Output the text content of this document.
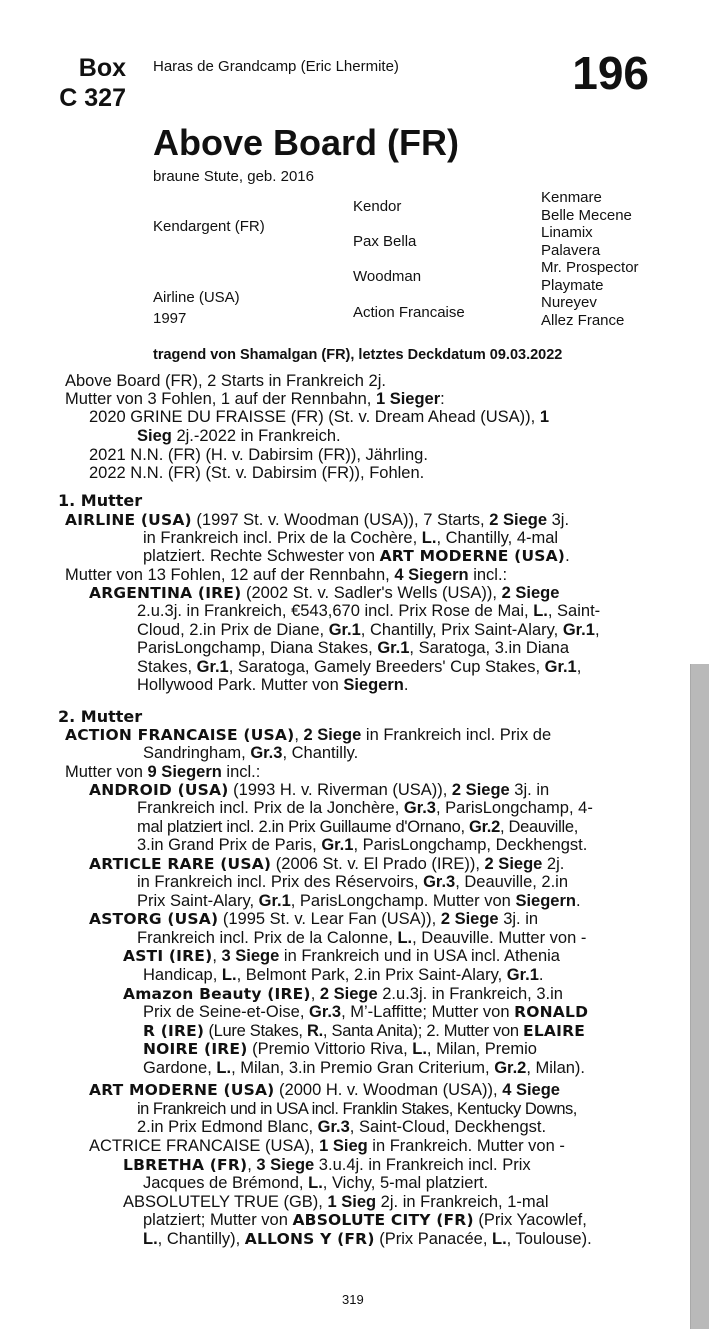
Box
C 327
Haras de Grandcamp (Eric Lhermite)	196
Above Board (FR)
braune Stute, geb. 2016
Kendargent (FR)
Airline (USA)
1997
Kendor
Pax Bella
Woodman
Action Francaise
Kenmare
Belle Mecene
Linamix
Palavera
Mr. Prospector
Playmate
Nureyev
Allez France
tragend von Shamalgan (FR), letztes Deckdatum 09.03.2022
Above Board (FR), 2 Starts in Frankreich 2j.
Mutter von 3 Fohlen, 1 auf der Rennbahn, 1 Sieger:
2020 GRINE DU FRAISSE (FR) (St. v. Dream Ahead (USA)), 1
Sieg 2j.-2022 in Frankreich.
2021 N.N. (FR) (H. v. Dabirsim (FR)), Jährling.
2022 N.N. (FR) (St. v. Dabirsim (FR)), Fohlen.
1. Mutter
AIRLINE (USA) (1997 St. v. Woodman (USA)), 7 Starts, 2 Siege 3j.
in Frankreich incl. Prix de la Cochère, L., Chantilly, 4-mal
platziert. Rechte Schwester von ART MODERNE (USA).
Mutter von 13 Fohlen, 12 auf der Rennbahn, 4 Siegern incl.:
ARGENTINA (IRE) (2002 St. v. Sadler's Wells (USA)), 2 Siege
2.u.3j. in Frankreich, €543,670 incl. Prix Rose de Mai, L., Saint-
Cloud, 2.in Prix de Diane, Gr.1, Chantilly, Prix Saint-Alary, Gr.1,
ParisLongchamp, Diana Stakes, Gr.1, Saratoga, 3.in Diana
Stakes, Gr.1, Saratoga, Gamely Breeders' Cup Stakes, Gr.1,
Hollywood Park. Mutter von Siegern.
2. Mutter
ACTION FRANCAISE (USA), 2 Siege in Frankreich incl. Prix de
Sandringham, Gr.3, Chantilly.
Mutter von 9 Siegern incl.:
ANDROID (USA) (1993 H. v. Riverman (USA)), 2 Siege 3j. in
Frankreich incl. Prix de la Jonchère, Gr.3, ParisLongchamp, 4-
mal platziert incl. 2.in Prix Guillaume d'Ornano, Gr.2, Deauville,
3.in Grand Prix de Paris, Gr.1, ParisLongchamp, Deckhengst.
ARTICLE RARE (USA) (2006 St. v. El Prado (IRE)), 2 Siege 2j.
in Frankreich incl. Prix des Réservoirs, Gr.3, Deauville, 2.in
Prix Saint-Alary, Gr.1, ParisLongchamp. Mutter von Siegern.
ASTORG (USA) (1995 St. v. Lear Fan (USA)), 2 Siege 3j. in
Frankreich incl. Prix de la Calonne, L., Deauville. Mutter von -
ASTI (IRE), 3 Siege in Frankreich und in USA incl. Athenia
Handicap, L., Belmont Park, 2.in Prix Saint-Alary, Gr.1.
Amazon Beauty (IRE), 2 Siege 2.u.3j. in Frankreich, 3.in
Prix de Seine-et-Oise, Gr.3, M’-Laffitte; Mutter von RONALD
R (IRE) (Lure Stakes, R., Santa Anita); 2. Mutter von ELAIRE
NOIRE (IRE) (Premio Vittorio Riva, L., Milan, Premio
Gardone, L., Milan, 3.in Premio Gran Criterium, Gr.2, Milan).
ART MODERNE (USA) (2000 H. v. Woodman (USA)), 4 Siege
in Frankreich und in USA incl. Franklin Stakes, Kentucky Downs,
2.in Prix Edmond Blanc, Gr.3, Saint-Cloud, Deckhengst.
ACTRICE FRANCAISE (USA), 1 Sieg in Frankreich. Mutter von -
LBRETHA (FR), 3 Siege 3.u.4j. in Frankreich incl. Prix
Jacques de Brémond, L., Vichy, 5-mal platziert.
ABSOLUTELY TRUE (GB), 1 Sieg 2j. in Frankreich, 1-mal
platziert; Mutter von ABSOLUTE CITY (FR) (Prix Yacowlef,
L., Chantilly), ALLONS Y (FR) (Prix Panacée, L., Toulouse).
319
